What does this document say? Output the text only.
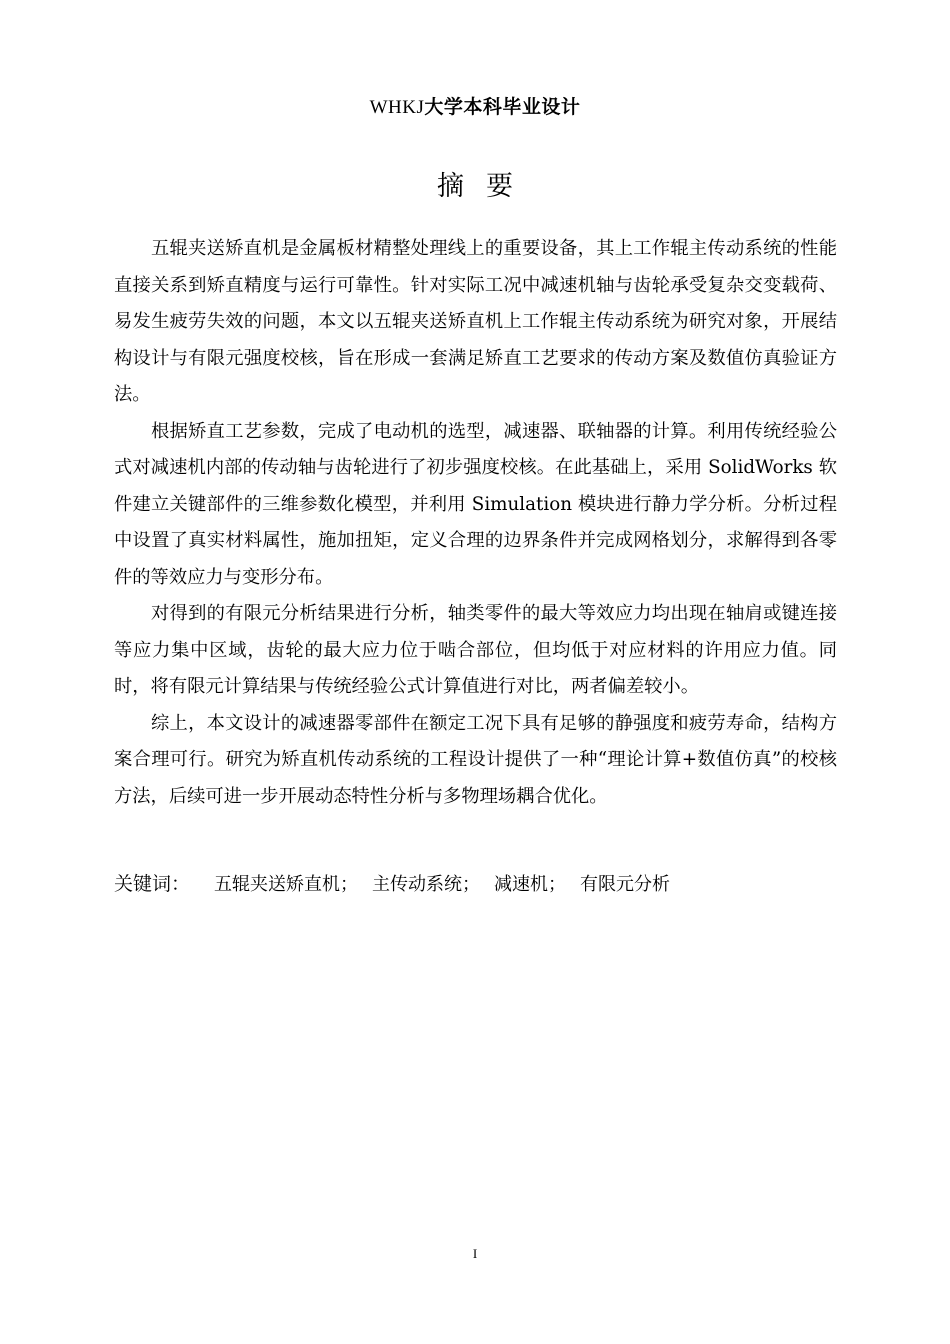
WHKJ大学本科毕业设计
摘要

五辊夹送矫直机是金属板材精整处理线上的重要设备，其上工作辊主传动系统的性能直接关系到矫直精度与运行可靠性。针对实际工况中减速机轴与齿轮承受复杂交变载荷、易发生疲劳失效的问题，本文以五辊夹送矫直机上工作辊主传动系统为研究对象，开展结构设计与有限元强度校核，旨在形成一套满足矫直工艺要求的传动方案及数值仿真验证方法。

根据矫直工艺参数，完成了电动机的选型，减速器、联轴器的计算。利用传统经验公式对减速机内部的传动轴与齿轮进行了初步强度校核。在此基础上，采用 SolidWorks 软件建立关键部件的三维参数化模型，并利用 Simulation 模块进行静力学分析。分析过程中设置了真实材料属性，施加扭矩，定义合理的边界条件并完成网格划分，求解得到各零件的等效应力与变形分布。

对得到的有限元分析结果进行分析，轴类零件的最大等效应力均出现在轴肩或键连接等应力集中区域，齿轮的最大应力位于啮合部位，但均低于对应材料的许用应力值。同时，将有限元计算结果与传统经验公式计算值进行对比，两者偏差较小。

综上，本文设计的减速器零部件在额定工况下具有足够的静强度和疲劳寿命，结构方案合理可行。研究为矫直机传动系统的工程设计提供了一种“理论计算+数值仿真”的校核方法，后续可进一步开展动态特性分析与多物理场耦合优化。

关键词： 五辊夹送矫直机； 主传动系统； 减速机； 有限元分析
I
